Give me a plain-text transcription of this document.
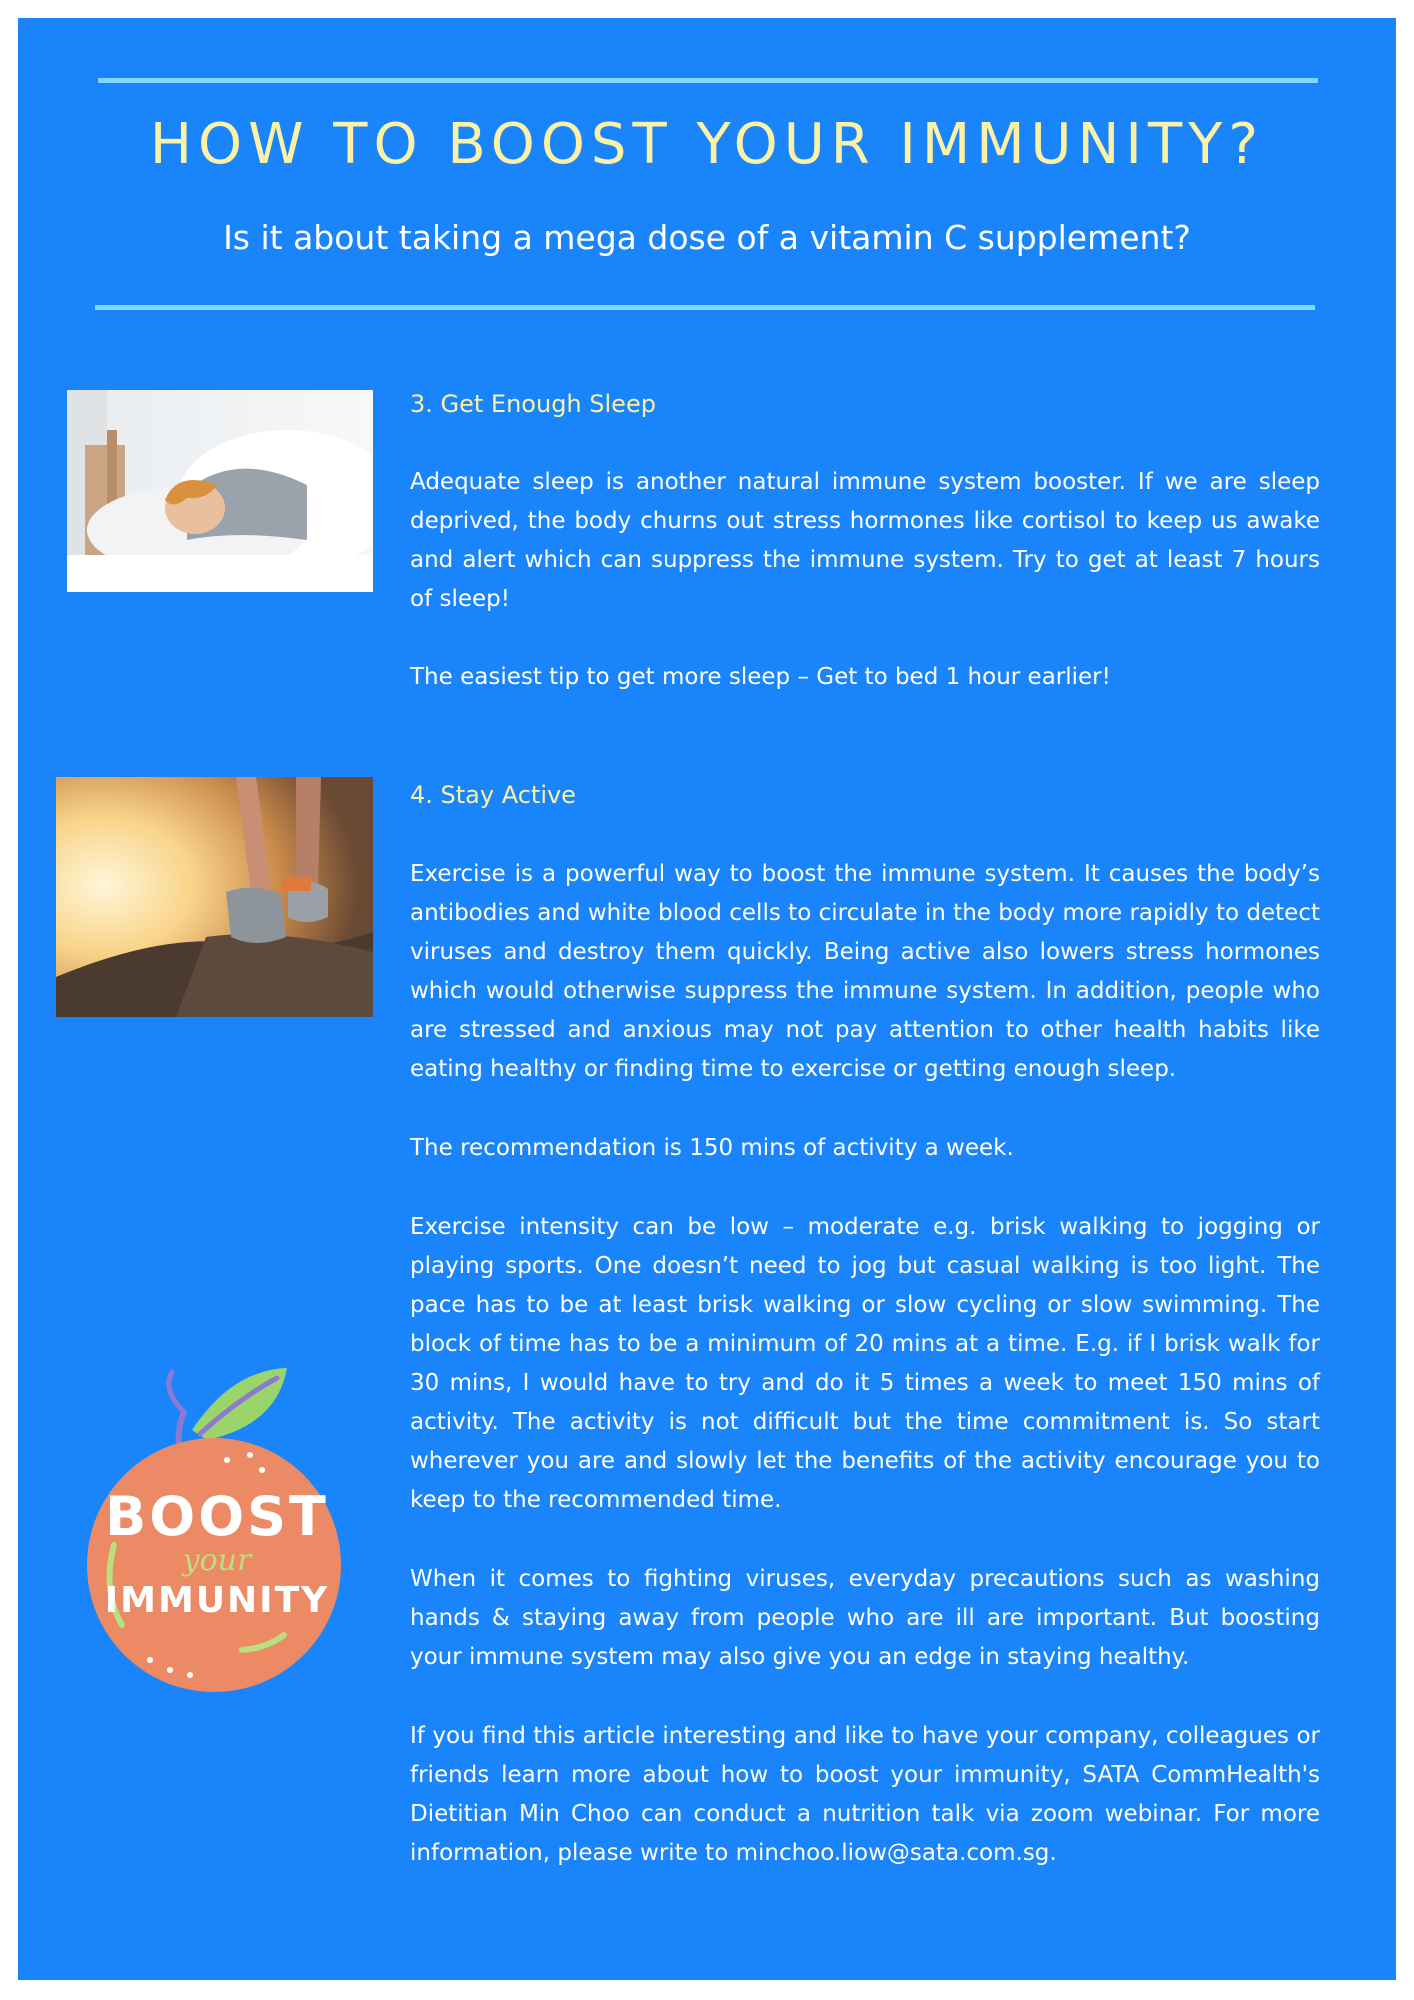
HOW TO BOOST YOUR IMMUNITY?

Is it about taking a mega dose of a vitamin C supplement?

3. Get Enough Sleep

Adequate sleep is another natural immune system booster. If we are sleep deprived, the body churns out stress hormones like cortisol to keep us awake and alert which can suppress the immune system. Try to get at least 7 hours of sleep!

The easiest tip to get more sleep – Get to bed 1 hour earlier!

4. Stay Active

Exercise is a powerful way to boost the immune system. It causes the body’s antibodies and white blood cells to circulate in the body more rapidly to detect viruses and destroy them quickly. Being active also lowers stress hormones which would otherwise suppress the immune system. In addition, people who are stressed and anxious may not pay attention to other health habits like eating healthy or finding time to exercise or getting enough sleep.

The recommendation is 150 mins of activity a week.

Exercise intensity can be low – moderate e.g. brisk walking to jogging or playing sports. One doesn’t need to jog but casual walking is too light. The pace has to be at least brisk walking or slow cycling or slow swimming. The block of time has to be a minimum of 20 mins at a time. E.g. if I brisk walk for 30 mins, I would have to try and do it 5 times a week to meet 150 mins of activity. The activity is not difficult but the time commitment is. So start wherever you are and slowly let the benefits of the activity encourage you to keep to the recommended time.

When it comes to fighting viruses, everyday precautions such as washing hands & staying away from people who are ill are important. But boosting your immune system may also give you an edge in staying healthy.

If you find this article interesting and like to have your company, colleagues or friends learn more about how to boost your immunity, SATA CommHealth's Dietitian Min Choo can conduct a nutrition talk via zoom webinar. For more information, please write to minchoo.liow@sata.com.sg.

BOOST
your
IMMUNITY
